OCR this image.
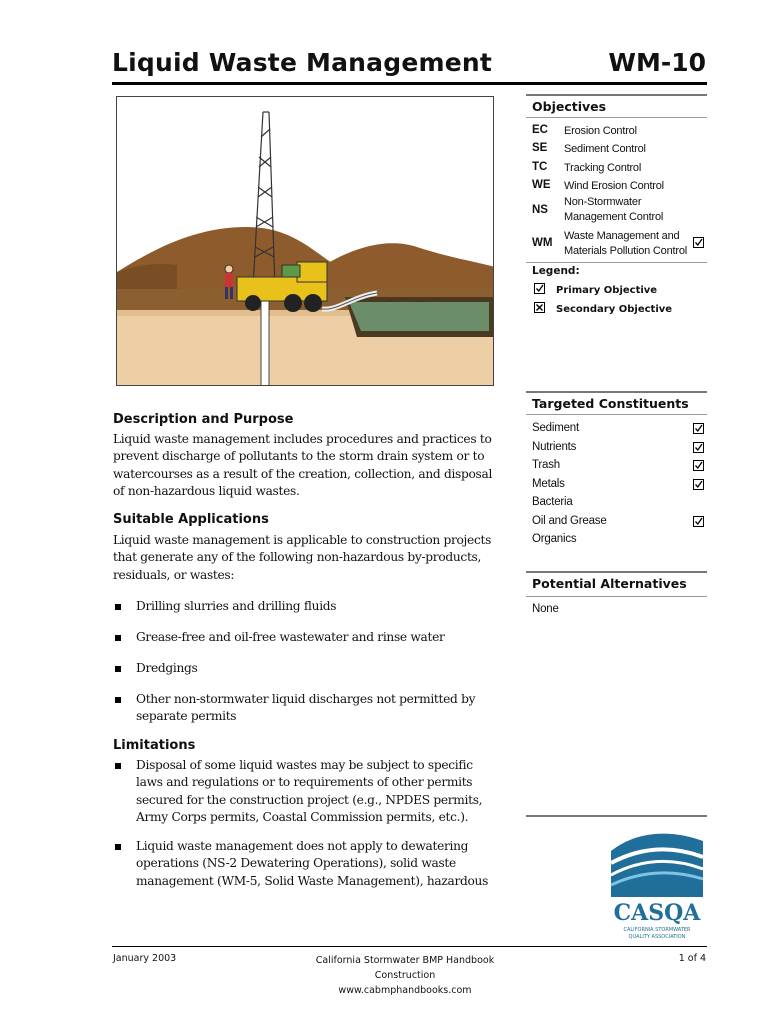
Liquid Waste Management	WM-10
Objectives
EC Erosion Control
SE Sediment Control
TC Tracking Control
WE Wind Erosion Control
NS
Non-Stormwater
Management Control
WM
Waste Management and
Materials Pollution Control
Legend:
Primary Objective
Secondary Objective
Targeted Constituents
Sediment
Nutrients
Trash
Metals
Bacteria
Oil and Grease
Organics
Potential Alternatives
None
Description and Purpose
Liquid waste management includes procedures and practices to
prevent discharge of pollutants to the storm drain system or to
watercourses as a result of the creation, collection, and disposal
of non-hazardous liquid wastes.
Suitable Applications
Liquid waste management is applicable to construction projects
that generate any of the following non-hazardous by-products,
residuals, or wastes:
Drilling slurries and drilling fluids
Grease-free and oil-free wastewater and rinse water
Dredgings
Other non-stormwater liquid discharges not permitted by
separate permits
Limitations
Disposal of some liquid wastes may be subject to specific
laws and regulations or to requirements of other permits
secured for the construction project (e.g., NPDES permits,
Army Corps permits, Coastal Commission permits, etc.).
Liquid waste management does not apply to dewatering
operations (NS-2 Dewatering Operations), solid waste
management (WM-5, Solid Waste Management), hazardous
CASQA
CALIFORNIA STORMWATER
QUALITY ASSOCIATION
January 2003	California Stormwater BMP Handbook
Construction
www.cabmphandbooks.com
1 of 4
